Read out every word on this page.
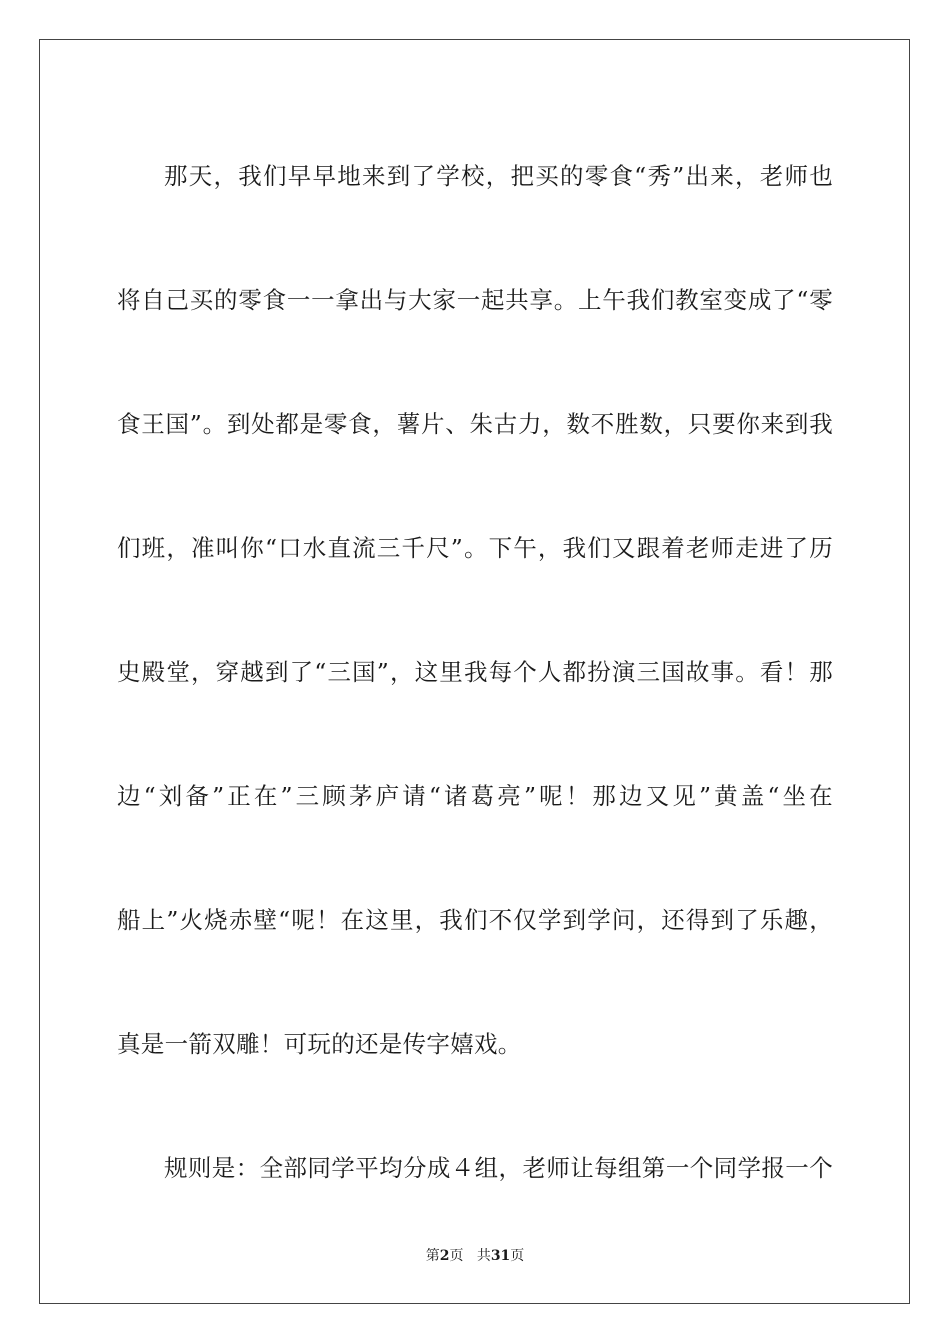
那天，我们早早地来到了学校，把买的零食“秀”出来，老师也

将自己买的零食一一拿出与大家一起共享。上午我们教室变成了“零

食王国”。到处都是零食，薯片、朱古力，数不胜数，只要你来到我

们班，准叫你“口水直流三千尺”。下午，我们又跟着老师走进了历

史殿堂，穿越到了“三国”，这里我每个人都扮演三国故事。看！那

边“刘备”正在”三顾茅庐请“诸葛亮”呢！那边又见”黄盖“坐在

船上”火烧赤壁“呢！在这里，我们不仅学到学问，还得到了乐趣，

真是一箭双雕！可玩的还是传字嬉戏。

规则是：全部同学平均分成４组，老师让每组第一个同学报一个

第2页 共31页
